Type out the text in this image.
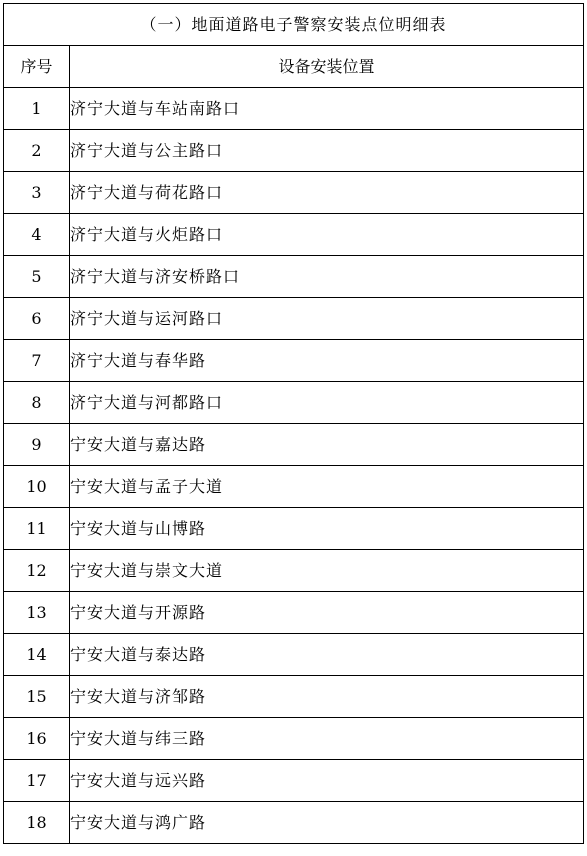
（一）地面道路电子警察安装点位明细表	
序号	设备安装位置
1	济宁大道与车站南路口
2	济宁大道与公主路口
3	济宁大道与荷花路口
4	济宁大道与火炬路口
5	济宁大道与济安桥路口
6	济宁大道与运河路口
7	济宁大道与春华路
8	济宁大道与河都路口
9	宁安大道与嘉达路
10	宁安大道与孟子大道
11	宁安大道与山博路
12	宁安大道与崇文大道
13	宁安大道与开源路
14	宁安大道与泰达路
15	宁安大道与济邹路
16	宁安大道与纬三路
17	宁安大道与远兴路
18	宁安大道与鸿广路
